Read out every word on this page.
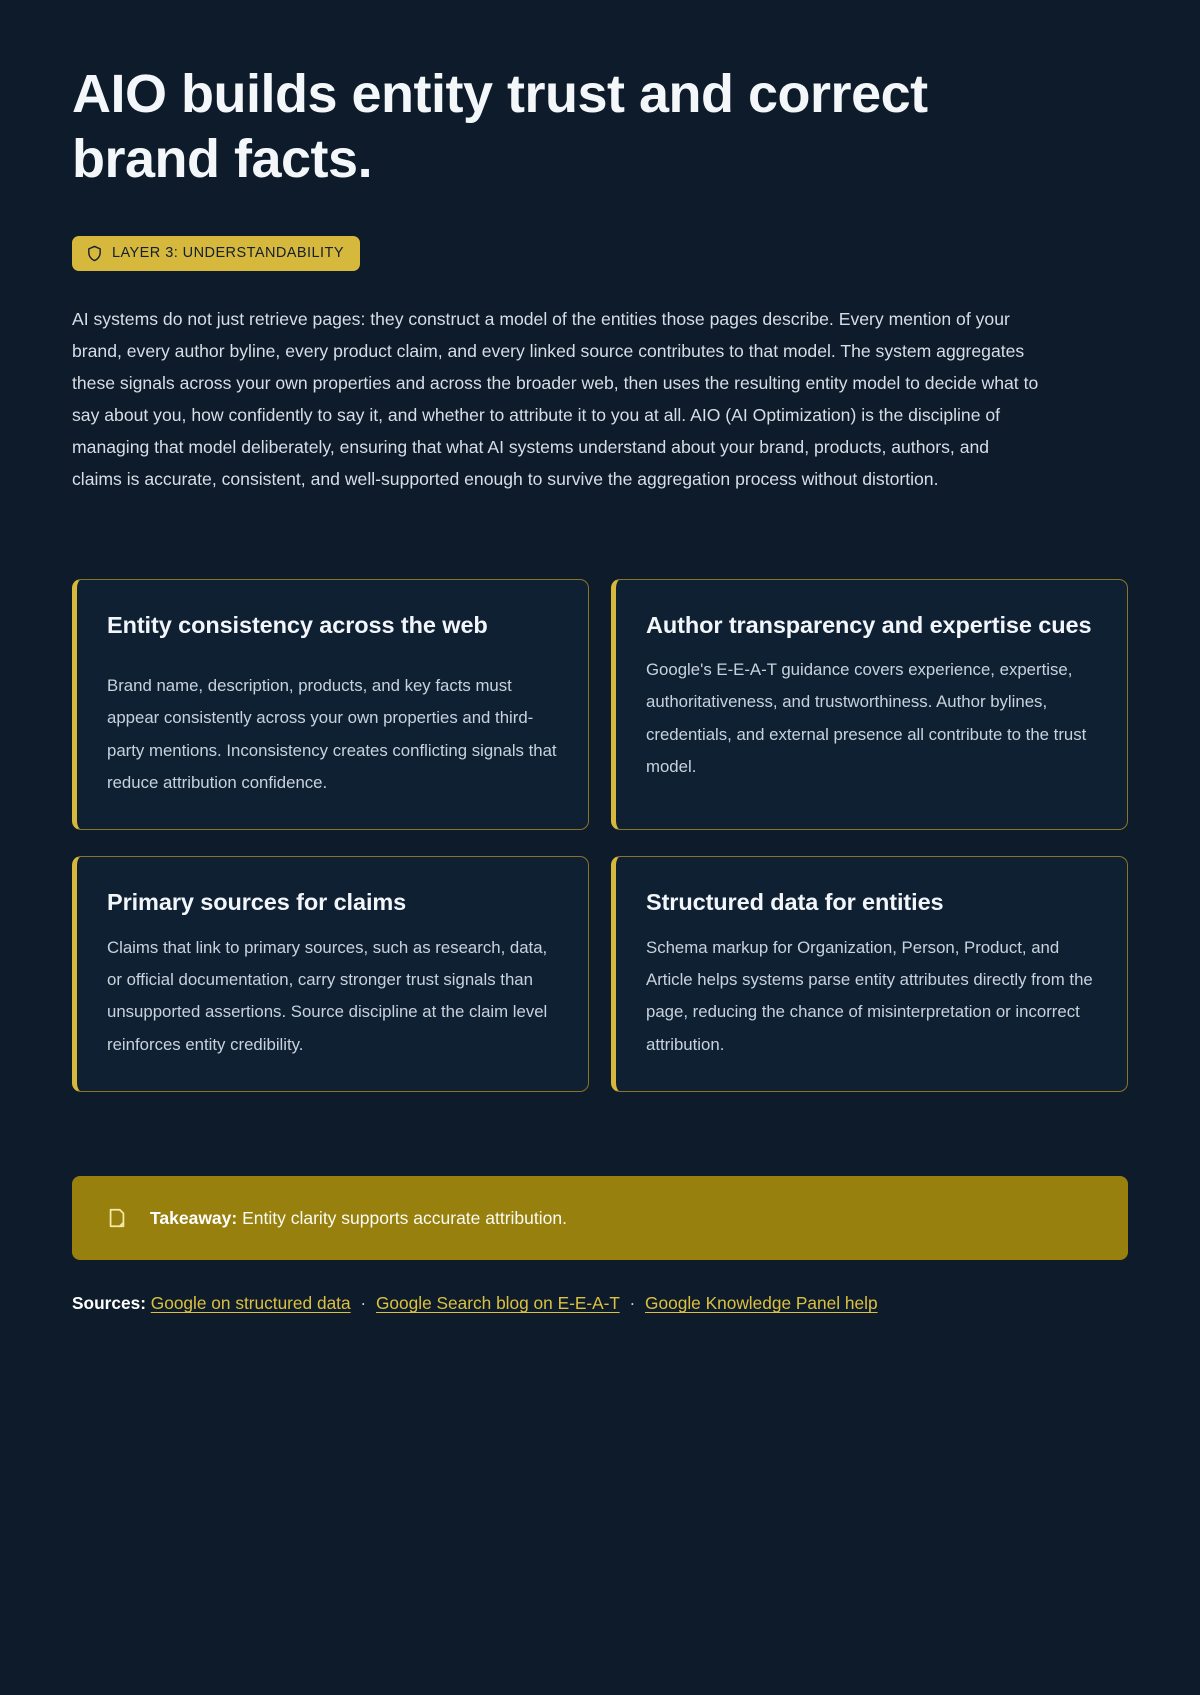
AIO builds entity trust and correct brand facts.
LAYER 3: UNDERSTANDABILITY

AI systems do not just retrieve pages: they construct a model of the entities those pages describe. Every mention of your brand, every author byline, every product claim, and every linked source contributes to that model. The system aggregates these signals across your own properties and across the broader web, then uses the resulting entity model to decide what to say about you, how confidently to say it, and whether to attribute it to you at all. AIO (AI Optimization) is the discipline of managing that model deliberately, ensuring that what AI systems understand about your brand, products, authors, and claims is accurate, consistent, and well-supported enough to survive the aggregation process without distortion.

Entity consistency across the web
Brand name, description, products, and key facts must appear consistently across your own properties and third-party mentions. Inconsistency creates conflicting signals that reduce attribution confidence.
Author transparency and expertise cues
Google's E-E-A-T guidance covers experience, expertise, authoritativeness, and trustworthiness. Author bylines, credentials, and external presence all contribute to the trust model.
Primary sources for claims
Claims that link to primary sources, such as research, data, or official documentation, carry stronger trust signals than unsupported assertions. Source discipline at the claim level reinforces entity credibility.
Structured data for entities
Schema markup for Organization, Person, Product, and Article helps systems parse entity attributes directly from the page, reducing the chance of misinterpretation or incorrect attribution.
Takeaway: Entity clarity supports accurate attribution.
Sources: Google on structured data · Google Search blog on E-E-A-T · Google Knowledge Panel help
